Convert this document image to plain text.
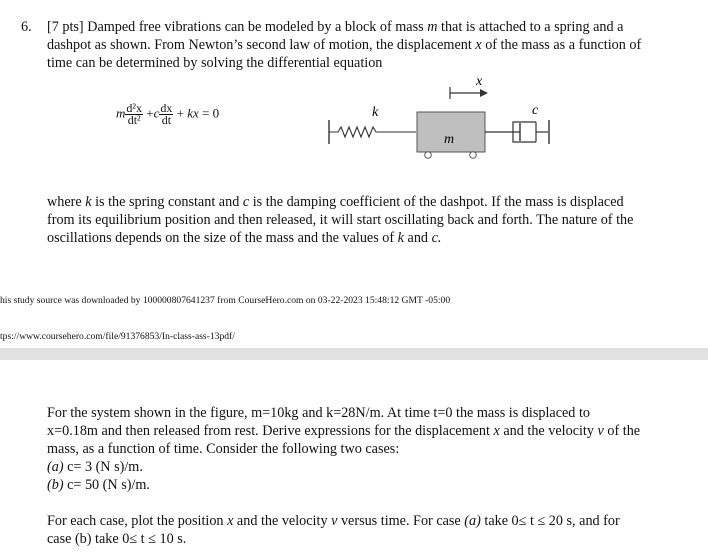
6. [7 pts] Damped free vibrations can be modeled by a block of mass m that is attached to a spring and a
dashpot as shown. From Newton’s second law of motion, the displacement x of the mass as a function of
time can be determined by solving the differential equation
m $\frac{\text{d²x}}{\text{dt²}} +c \frac{dx}{dt}$ + kx = 0	k
m
x
c
where k is the spring constant and c is the damping coefficient of the dashpot. If the mass is displaced
from its equilibrium position and then released, it will start oscillating back and forth. The nature of the
oscillations depends on the size of the mass and the values of k and c.
his study source was downloaded by 100000807641237 from CourseHero.com on 03-22-2023 15:48:12 GMT -05:00
tps://www.coursehero.com/file/91376853/In-class-ass-13pdf/
For the system shown in the figure, m=10kg and k=28N/m. At time t=0 the mass is displaced to
x=0.18m and then released from rest. Derive expressions for the displacement x and the velocity v of the
mass, as a function of time. Consider the following two cases:
(a) c= 3 (N s)/m.
(b) c= 50 (N s)/m.
For each case, plot the position x and the velocity v versus time. For case (a) take 0≤ t ≤ 20 s, and for
case (b) take 0≤ t ≤ 10 s.
